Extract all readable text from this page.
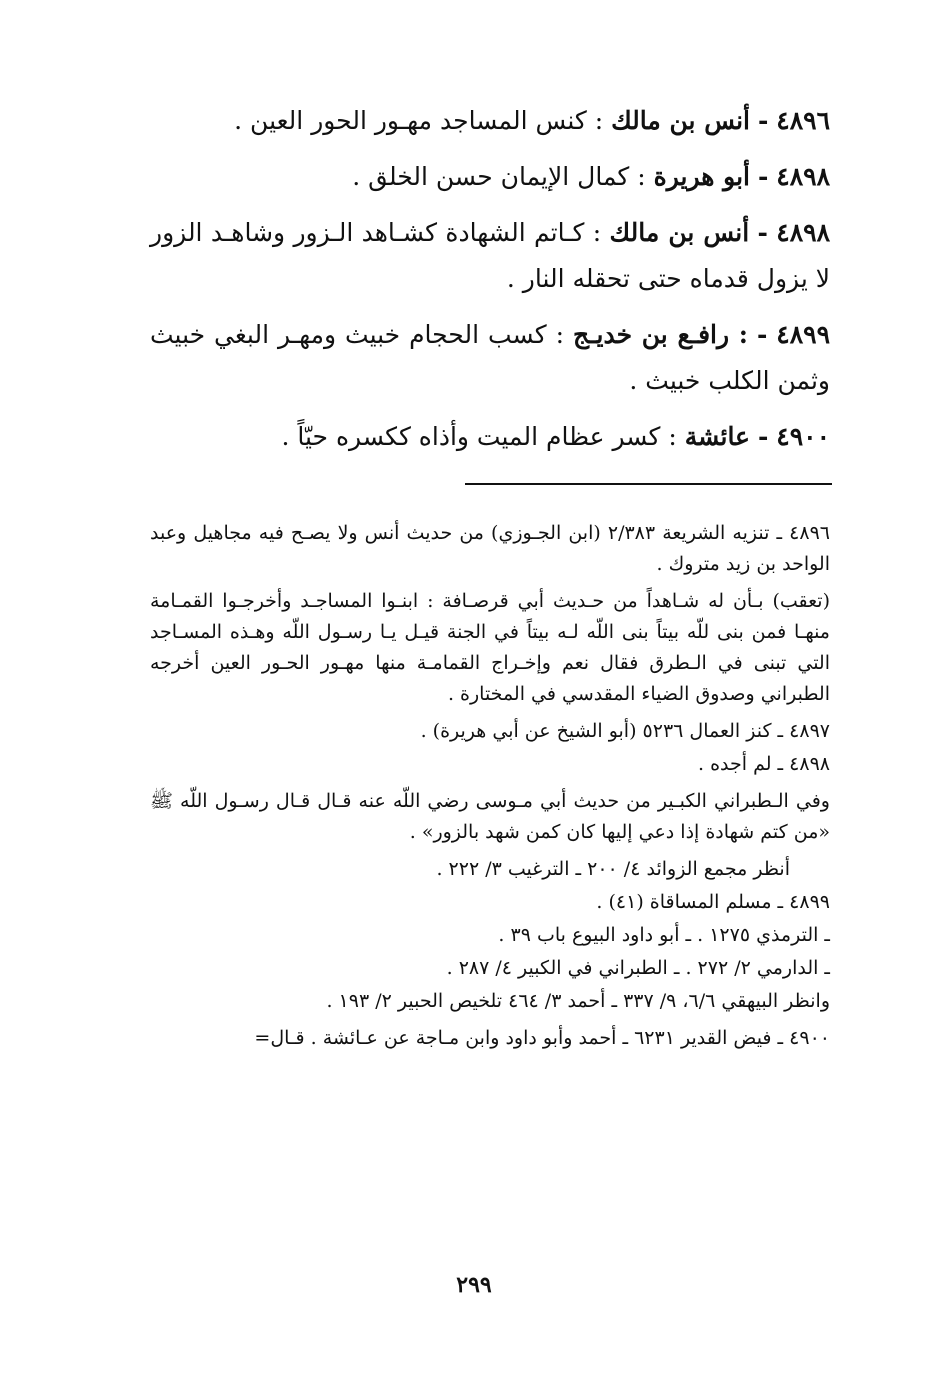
٤٨٩٦ - أنس بن مالك : كنس المساجد مهـور الحور العين .
٤٨٩٨ - أبو هريرة : كمال الإيمان حسن الخلق .
٤٨٩٨ - أنس بن مالك : كـاتم الشهادة كشـاهد الـزور وشاهـد الزور لا يزول قدماه حتى تحقله النار .
٤٨٩٩ - : رافـع بن خديـج : كسب الحجام خبيث ومهـر البغي خبيث وثمن الكلب خبيث .
٤٩٠٠ - عائشة : كسر عظام الميت وأذاه ككسره حيّاً .
٤٨٩٦ ـ تنزيه الشريعة ٢/٣٨٣ (ابن الجـوزي) من حديث أنس ولا يصـح فيه مجاهيل وعبد الواحد بن زيد متروك .
(تعقب) بـأن له شـاهداً من حـديث أبي قرصـافة : ابنـوا المساجـد وأخرجـوا القمـامة منهـا فمن بنى للّه بيتاً بنى اللّه لـه بيتاً في الجنة قيـل يـا رسـول اللّه وهـذه المسـاجد التي تبنى في الـطرق فقال نعم وإخـراج القمامـة منها مهـور الحـور العين أخرجه الطبراني وصدوق الضياء المقدسي في المختارة .
٤٨٩٧ ـ كنز العمال ٥٢٣٦ (أبو الشيخ عن أبي هريرة) .
٤٨٩٨ ـ لم أجده .
وفي الـطبراني الكبـير من حديث أبي مـوسى رضي اللّه عنه قـال قـال رسـول اللّه ﷺ «من كتم شهادة إذا دعي إليها كان كمن شهد بالزور» .
أنظر مجمع الزوائد ٤/ ٢٠٠ ـ الترغيب ٣/ ٢٢٢ .
٤٨٩٩ ـ مسلم المساقاة (٤١) .
ـ الترمذي ١٢٧٥ . ـ أبو داود البيوع باب ٣٩ .
ـ الدارمي ٢/ ٢٧٢ . ـ الطبراني في الكبير ٤/ ٢٨٧ .
وانظر البيهقي ٦/٦، ٩/ ٣٣٧ ـ أحمد ٣/ ٤٦٤ تلخيص الحبير ٢/ ١٩٣ .
٤٩٠٠ ـ فيض القدير ٦٢٣١ ـ أحمد وأبو داود وابن مـاجة عن عـائشة . قـال=
٢٩٩
